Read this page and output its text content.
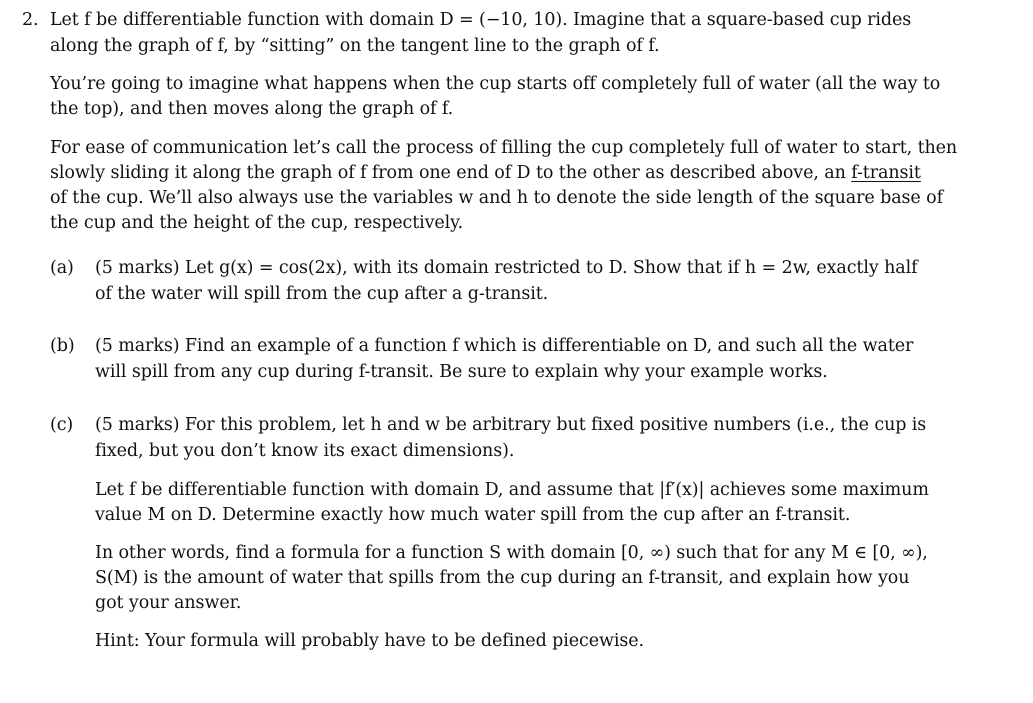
2. Let f be differentiable function with domain D = (−10, 10). Imagine that a square-based cup rides
along the graph of f, by “sitting” on the tangent line to the graph of f.
You’re going to imagine what happens when the cup starts off completely full of water (all the way to
the top), and then moves along the graph of f.
For ease of communication let’s call the process of filling the cup completely full of water to start, then
slowly sliding it along the graph of f from one end of D to the other as described above, an f-transit
of the cup. We’ll also always use the variables w and h to denote the side length of the square base of
the cup and the height of the cup, respectively.
(a) (5 marks) Let g(x) = cos(2x), with its domain restricted to D. Show that if h = 2w, exactly half
of the water will spill from the cup after a g-transit.
(b) (5 marks) Find an example of a function f which is differentiable on D, and such all the water
will spill from any cup during f-transit. Be sure to explain why your example works.
(c) (5 marks) For this problem, let h and w be arbitrary but fixed positive numbers (i.e., the cup is
fixed, but you don’t know its exact dimensions).
Let f be differentiable function with domain D, and assume that |f′(x)| achieves some maximum
value M on D. Determine exactly how much water spill from the cup after an f-transit.
In other words, find a formula for a function S with domain [0, ∞) such that for any M ∈ [0, ∞),
S(M) is the amount of water that spills from the cup during an f-transit, and explain how you
got your answer.
Hint: Your formula will probably have to be defined piecewise.
